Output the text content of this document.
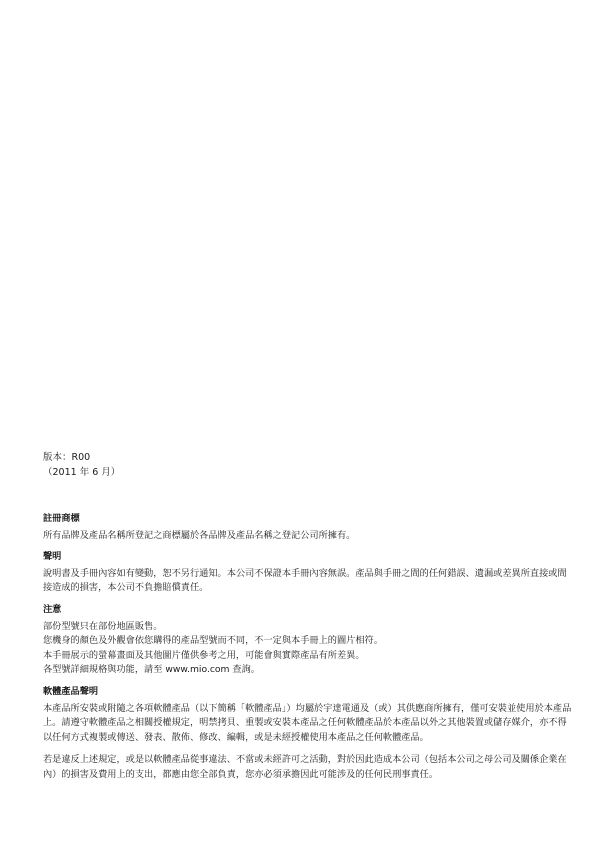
版本：R00
（2011 年 6 月）
註冊商標

所有品牌及產品名稱所登記之商標屬於各品牌及產品名稱之登記公司所擁有。

聲明

說明書及手冊內容如有變動，恕不另行通知。本公司不保證本手冊內容無誤。產品與手冊之間的任何錯誤、遺漏或差異所直接或間接造成的損害，本公司不負擔賠償責任。

注意
部份型號只在部份地區販售。
您機身的顏色及外觀會依您購得的產品型號而不同，不一定與本手冊上的圖片相符。
本手冊展示的螢幕畫面及其他圖片僅供參考之用，可能會與實際產品有所差異。
各型號詳細規格與功能，請至 www.mio.com 查詢。
軟體產品聲明

本產品所安裝或附隨之各項軟體產品（以下簡稱「軟體產品」）均屬於宇達電通及（或）其供應商所擁有，僅可安裝並使用於本產品上。請遵守軟體產品之相關授權規定，明禁拷貝、重製或安裝本產品之任何軟體產品於本產品以外之其他裝置或儲存媒介，亦不得以任何方式複製或傳送、發表、散佈、修改、編輯，或是未經授權使用本產品之任何軟體產品。

若是違反上述規定，或是以軟體產品從事違法、不當或未經許可之活動，對於因此造成本公司（包括本公司之母公司及關係企業在內）的損害及費用上的支出，都應由您全部負責，您亦必須承擔因此可能涉及的任何民刑事責任。
